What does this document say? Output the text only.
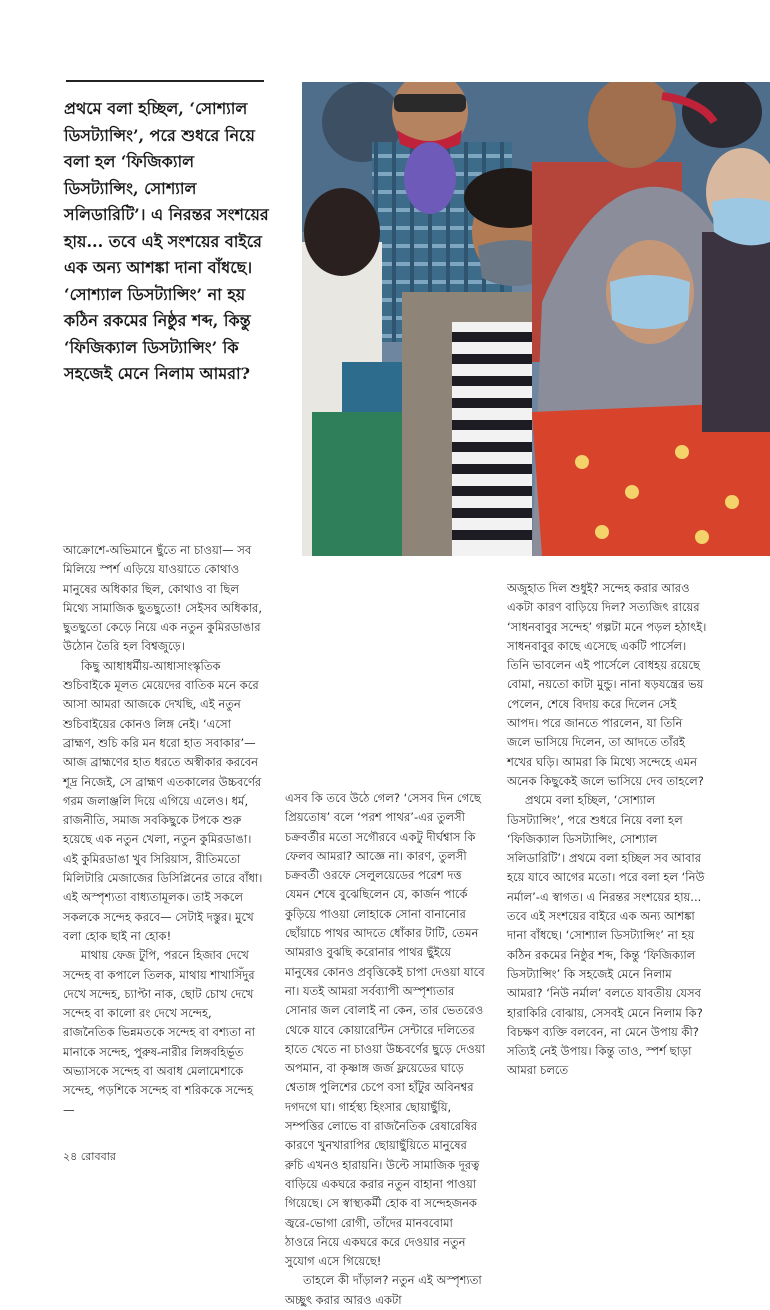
প্রথমে বলা হচ্ছিল, ‘সোশ্যাল ডিসট্যান্সিং’, পরে শুধরে নিয়ে বলা হল ‘ফিজিক্যাল ডিসট্যান্সিং, সোশ্যাল সলিডারিটি’। এ নিরন্তর সংশয়ের হায়... তবে এই সংশয়ের বাইরে এক অন্য আশঙ্কা দানা বাঁধছে। ‘সোশ্যাল ডিসট্যান্সিং’ না হয় কঠিন রকমের নিষ্ঠুর শব্দ, কিন্তু ‘ফিজিক্যাল ডিসট্যান্সিং’ কি সহজেই মেনে নিলাম আমরা?

আক্রোশে-অভিমানে ছুঁতে না চাওয়া— সব মিলিয়ে স্পর্শ এড়িয়ে যাওয়াতে কোথাও মানুষের অধিকার ছিল, কোথাও বা ছিল মিথ্যে সামাজিক ছুতছুতো! সেইসব অধিকার, ছুতছুতো কেড়ে নিয়ে এক নতুন কুমিরডাঙার উঠোন তৈরি হল বিশ্বজুড়ে।

কিছু আধাধর্মীয়-আধাসাংস্কৃতিক শুচিবাইকে মূলত মেয়েদের বাতিক মনে করে আসা আমরা আজকে দেখছি, এই নতুন শুচিবাইয়ের কোনও লিঙ্গ নেই। ‘এসো ব্রাহ্মণ, শুচি করি মন ধরো হাত সবাকার’— আজ ব্রাহ্মণের হাত ধরতে অস্বীকার করবেন শূদ্র নিজেই, সে ব্রাহ্মণ এতকালের উচ্চবর্ণের গরম জলাঞ্জলি দিয়ে এগিয়ে এলেও। ধর্ম, রাজনীতি, সমাজ সবকিছুকে টপকে শুরু হয়েছে এক নতুন খেলা, নতুন কুমিরডাঙা। এই কুমিরডাঙা খুব সিরিয়াস, রীতিমতো মিলিটারি মেজাজের ডিসিপ্লিনের তারে বাঁধা। এই অস্পৃশ্যতা বাধ্যতামূলক। তাই সকলে সকলকে সন্দেহ করবে— সেটাই দস্তুর। মুখে বলা হোক ছাই না হোক!

মাথায় ফেজ টুপি, পরনে হিজাব দেখে সন্দেহ বা কপালে তিলক, মাথায় শাখাসিঁদুর দেখে সন্দেহ, চ্যাপ্টা নাক, ছোট চোখ দেখে সন্দেহ বা কালো রং দেখে সন্দেহ, রাজনৈতিক ভিন্নমতকে সন্দেহ বা বশ্যতা না মানাকে সন্দেহ, পুরুষ-নারীর লিঙ্গবহির্ভূত অভ্যাসকে সন্দেহ বা অবাধ মেলামেশাকে সন্দেহ, পড়শিকে সন্দেহ বা শরিককে সন্দেহ—

এসব কি তবে উঠে গেল? ‘সেসব দিন গেছে প্রিয়তোষ’ বলে ‘পরশ পাথর’-এর তুলসী চক্রবর্তীর মতো সগৌরবে একটু দীর্ঘশ্বাস কি ফেলব আমরা? আজ্ঞে না। কারণ, তুলসী চক্রবর্তী ওরফে সেলুলয়েডের পরেশ দত্ত যেমন শেষে বুঝেছিলেন যে, কার্জন পার্কে কুড়িয়ে পাওয়া লোহাকে সোনা বানানোর ছোঁয়াচে পাথর আদতে ধোঁকার টাটি, তেমন আমরাও বুঝছি করোনার পাথর ছুঁইয়ে মানুষের কোনও প্রবৃত্তিকেই চাপা দেওয়া যাবে না। যতই আমরা সর্বব্যাপী অস্পৃশ্যতার সোনার জল বোলাই না কেন, তার ভেতরেও থেকে যাবে কোয়ারেন্টিন সেন্টারে দলিতের হাতে খেতে না চাওয়া উচ্চবর্ণের ছুড়ে দেওয়া অপমান, বা কৃষ্ণাঙ্গ জর্জ ফ্লয়েডের ঘাড়ে শ্বেতাঙ্গ পুলিশের চেপে বসা হাঁটুর অবিনশ্বর দগদগে ঘা। গার্হস্থ্য হিংসার ছোয়াছুঁয়ি, সম্পত্তির লোভে বা রাজনৈতিক রেষারেষির কারণে খুনখারাপির ছোয়াছুঁয়িতে মানুষের রুচি এখনও হারায়নি। উল্টে সামাজিক দূরত্ব বাড়িয়ে একঘরে করার নতুন বাহানা পাওয়া গিয়েছে। সে স্বাস্থ্যকর্মী হোক বা সন্দেহজনক জ্বরে-ভোগা রোগী, তাঁদের মানববোমা ঠাওরে নিয়ে একঘরে করে দেওয়ার নতুন সুযোগ এসে গিয়েছে!

তাহলে কী দাঁড়াল? নতুন এই অস্পৃশ্যতা অচ্ছুৎ করার আরও একটা

অজুহাত দিল শুধুই? সন্দেহ করার আরও একটা কারণ বাড়িয়ে দিল? সত্যজিৎ রায়ের ‘সাধনবাবুর সন্দেহ’ গল্পটা মনে পড়ল হঠাৎই। সাধনবাবুর কাছে এসেছে একটি পার্সেল। তিনি ভাবলেন এই পার্সেলে বোধহয় রয়েছে বোমা, নয়তো কাটা মুন্ডু। নানা ষড়যন্ত্রের ভয় পেলেন, শেষে বিদায় করে দিলেন সেই আপদ। পরে জানতে পারলেন, যা তিনি জলে ভাসিয়ে দিলেন, তা আদতে তাঁরই শখের ঘড়ি। আমরা কি মিথ্যে সন্দেহে এমন অনেক কিছুকেই জলে ভাসিয়ে দেব তাহলে?

প্রথমে বলা হচ্ছিল, ‘সোশ্যাল ডিসট্যান্সিং’, পরে শুধরে নিয়ে বলা হল ‘ফিজিক্যাল ডিসট্যান্সিং, সোশ্যাল সলিডারিটি’। প্রথমে বলা হচ্ছিল সব আবার হয়ে যাবে আগের মতো। পরে বলা হল ‘নিউ নর্মাল’-এ স্বাগত। এ নিরন্তর সংশয়ের হায়... তবে এই সংশয়ের বাইরে এক অন্য আশঙ্কা দানা বাঁধছে। ‘সোশ্যাল ডিসট্যান্সিং’ না হয় কঠিন রকমের নিষ্ঠুর শব্দ, কিন্তু ‘ফিজিক্যাল ডিসট্যান্সিং’ কি সহজেই মেনে নিলাম আমরা? ‘নিউ নর্মাল’ বলতে যাবতীয় যেসব হারাকিরি বোঝায়, সেসবই মেনে নিলাম কি? বিচক্ষণ ব্যক্তি বলবেন, না মেনে উপায় কী? সত্যিই নেই উপায়। কিন্তু তাও, স্পর্শ ছাড়া আমরা চলতে

২৪ রোববার
